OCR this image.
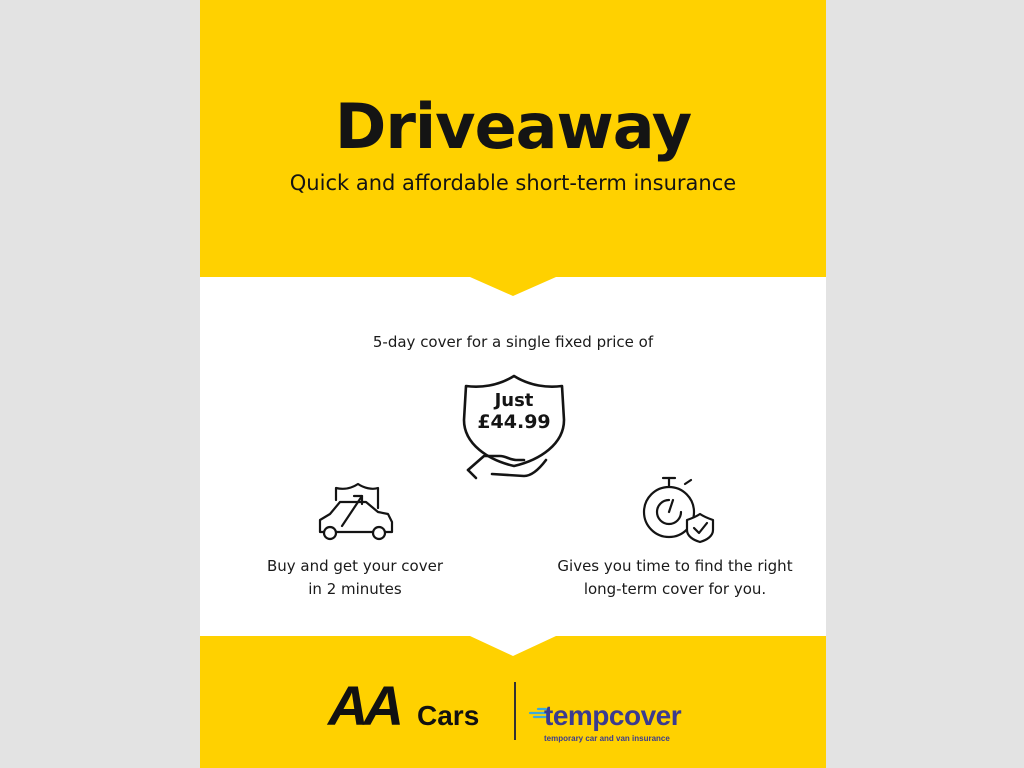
Driveaway

Quick and affordable short-term insurance

5-day cover for a single fixed price of
Just
£44.99
Buy and get your cover
in 2 minutes
Gives you time to find the right
long-term cover for you.
AA Cars tempcover
temporary car and van insurance
